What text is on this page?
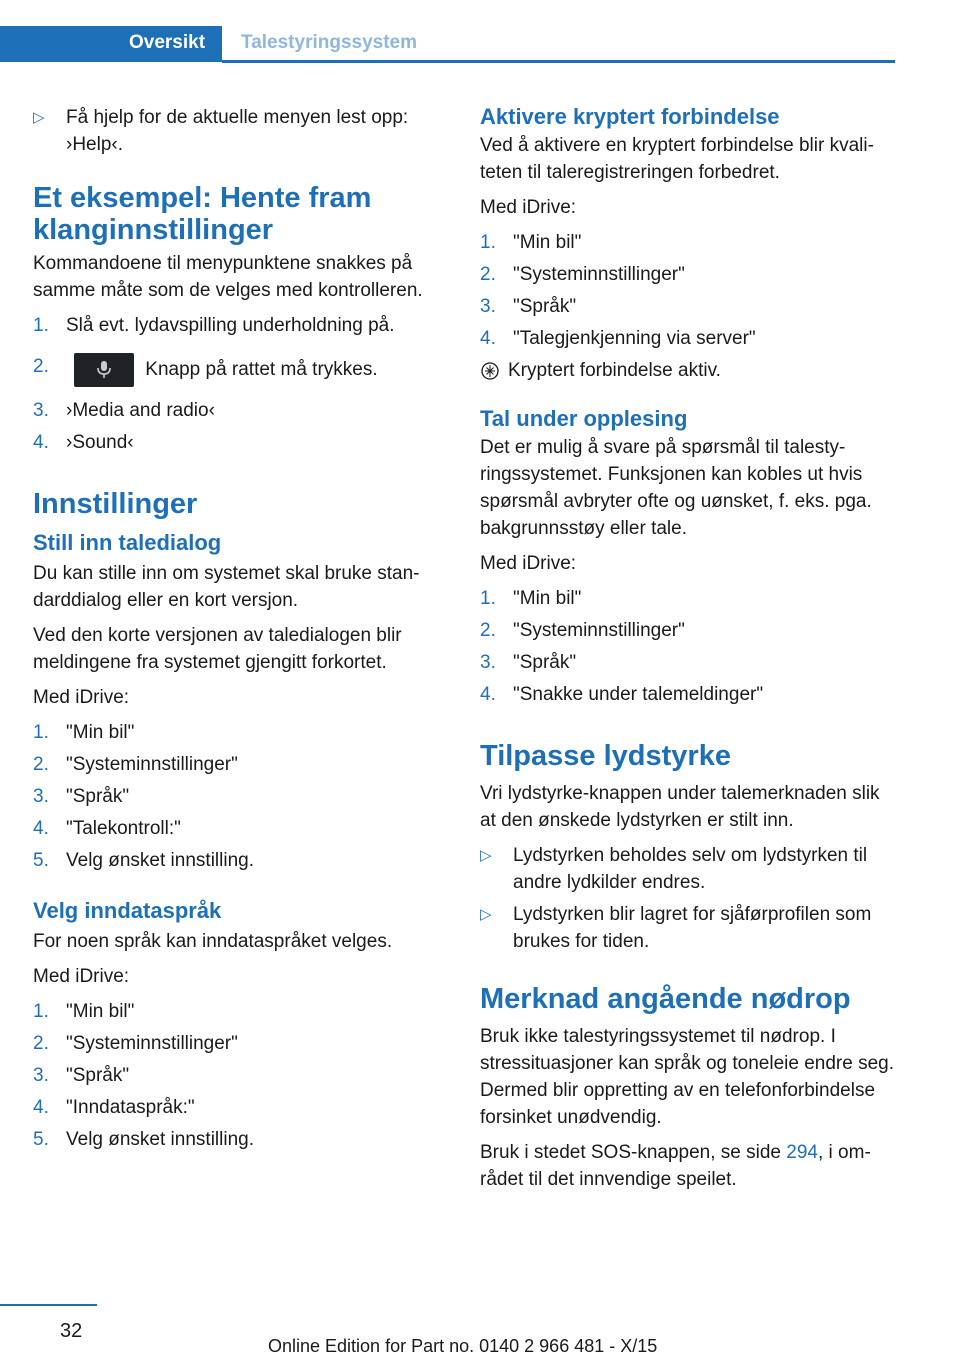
Oversikt Talestyringssystem
▷ Få hjelp for de aktuelle menyen lest opp: ›Help‹.
Et eksempel: Hente fram klanginnstillinger

Kommandoene til menypunktene snakkes på samme måte som de velges med kontrolleren.

1. Slå evt. lydavspilling underholdning på.
2.	Knapp på rattet må trykkes.
3. ›Media and radio‹
4. ›Sound‹
Innstillinger
Still inn taledialog

Du kan stille inn om systemet skal bruke standarddialog eller en kort versjon.

Ved den korte versjonen av taledialogen blir meldingene fra systemet gjengitt forkortet.

Med iDrive:

1. "Min bil"
2. "Systeminnstillinger"
3. "Språk"
4. "Talekontroll:"
5. Velg ønsket innstilling.
Velg inndataspråk

For noen språk kan inndataspråket velges.

Med iDrive:

1. "Min bil"
2. "Systeminnstillinger"
3. "Språk"
4. "Inndataspråk:"
5. Velg ønsket innstilling.
Aktivere kryptert forbindelse

Ved å aktivere en kryptert forbindelse blir kvaliteten til taleregistreringen forbedret.

Med iDrive:

1. "Min bil"
2. "Systeminnstillinger"
3. "Språk"
4. "Talegjenkjenning via server"

Kryptert forbindelse aktiv.

Tal under opplesing

Det er mulig å svare på spørsmål til talestyringssystemet. Funksjonen kan kobles ut hvis spørsmål avbryter ofte og uønsket, f. eks. pga. bakgrunnsstøy eller tale.

Med iDrive:

1. "Min bil"
2. "Systeminnstillinger"
3. "Språk"
4. "Snakke under talemeldinger"
Tilpasse lydstyrke

Vri lydstyrke-knappen under talemerknaden slik at den ønskede lydstyrken er stilt inn.

▷ Lydstyrken beholdes selv om lydstyrken til andre lydkilder endres.
▷ Lydstyrken blir lagret for sjåførprofilen som brukes for tiden.
Merknad angående nødrop

Bruk ikke talestyringssystemet til nødrop. I stressituasjoner kan språk og toneleie endre seg. Dermed blir oppretting av en telefonforbindelse forsinket unødvendig.

Bruk i stedet SOS-knappen, se side 294, i området til det innvendige speilet.

32
Online Edition for Part no. 0140 2 966 481 - X/15
